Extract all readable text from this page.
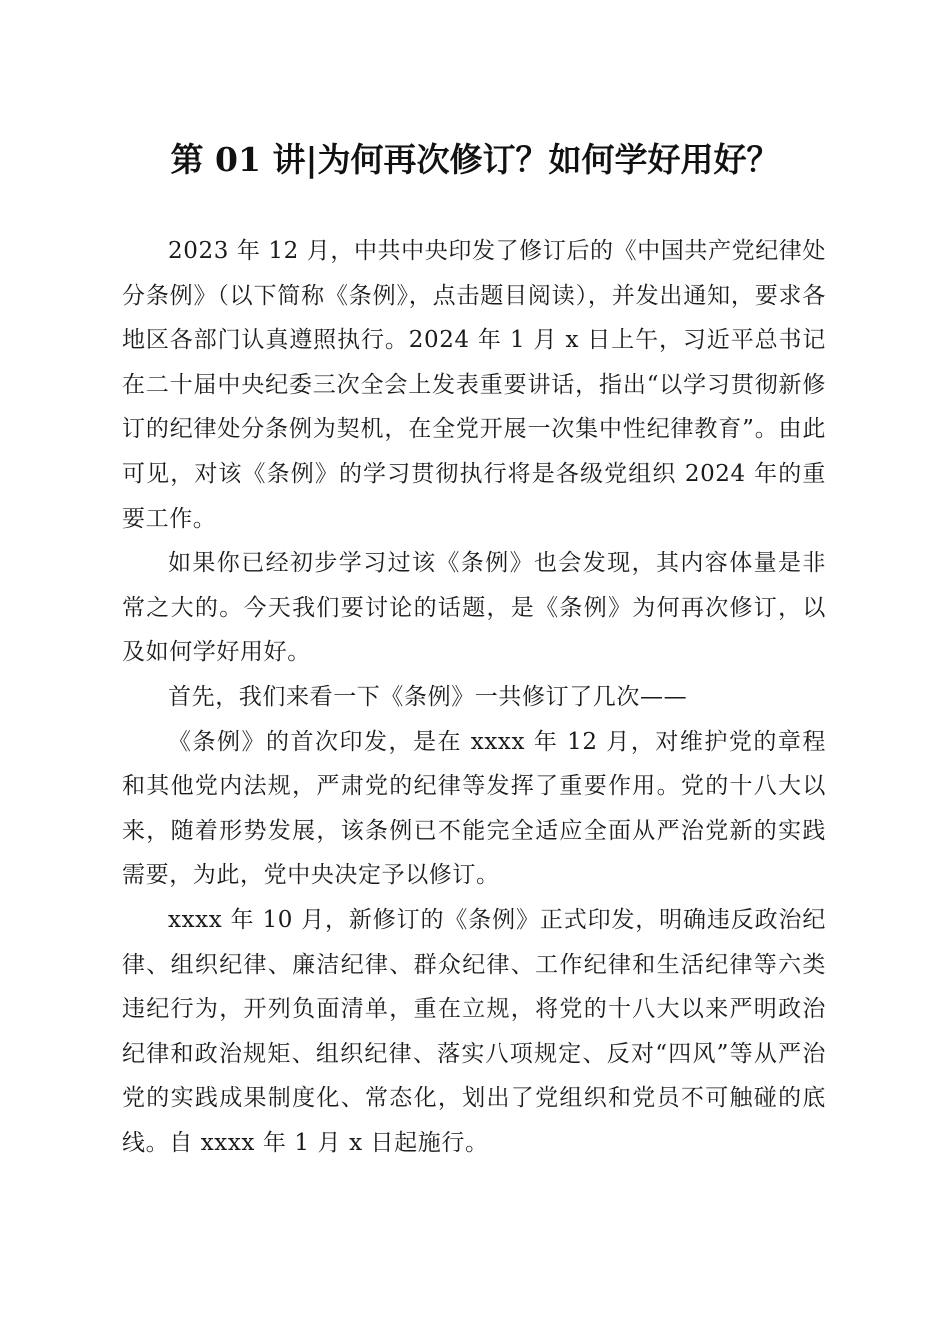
第 01 讲|为何再次修订？如何学好用好？

2023 年 12 月，中共中央印发了修订后的《中国共产党纪律处分条例》（以下简称《条例》，点击题目阅读），并发出通知，要求各地区各部门认真遵照执行。2024 年 1 月 x 日上午，习近平总书记在二十届中央纪委三次全会上发表重要讲话，指出“以学习贯彻新修订的纪律处分条例为契机，在全党开展一次集中性纪律教育”。由此可见，对该《条例》的学习贯彻执行将是各级党组织 2024 年的重要工作。

如果你已经初步学习过该《条例》也会发现，其内容体量是非常之大的。今天我们要讨论的话题，是《条例》为何再次修订，以及如何学好用好。

首先，我们来看一下《条例》一共修订了几次——

《条例》的首次印发，是在 xxxx 年 12 月，对维护党的章程和其他党内法规，严肃党的纪律等发挥了重要作用。党的十八大以来，随着形势发展，该条例已不能完全适应全面从严治党新的实践需要，为此，党中央决定予以修订。

xxxx 年 10 月，新修订的《条例》正式印发，明确违反政治纪律、组织纪律、廉洁纪律、群众纪律、工作纪律和生活纪律等六类违纪行为，开列负面清单，重在立规，将党的十八大以来严明政治纪律和政治规矩、组织纪律、落实八项规定、反对“四风”等从严治党的实践成果制度化、常态化，划出了党组织和党员不可触碰的底线。自 xxxx 年 1 月 x 日起施行。
